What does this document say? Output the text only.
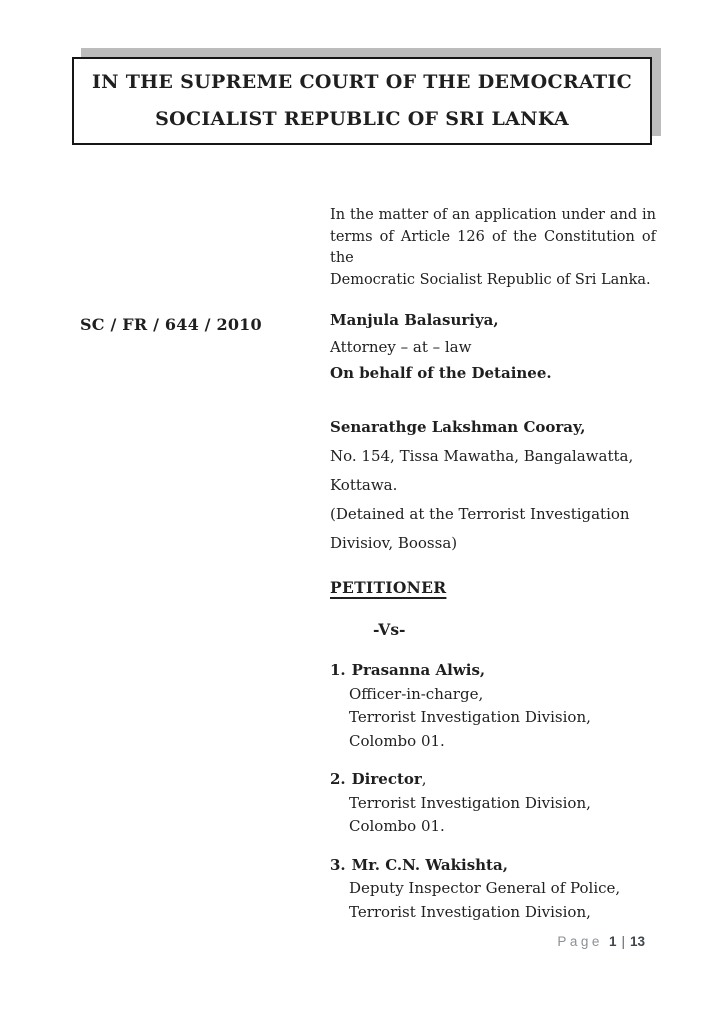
IN THE SUPREME COURT OF THE DEMOCRATIC
SOCIALIST REPUBLIC OF SRI LANKA
In the matter of an application under and in
terms of Article 126 of the Constitution of the
Democratic Socialist Republic of Sri Lanka.
SC / FR / 644 / 2010	Manjula Balasuriya,
Attorney – at – law
On behalf of the Detainee.
Senarathge Lakshman Cooray,
No. 154, Tissa Mawatha, Bangalawatta,
Kottawa.
(Detained at the Terrorist Investigation
Divisiov, Boossa)
PETITIONER
-Vs-
1. Prasanna Alwis,
Officer-in-charge,
Terrorist Investigation Division,
Colombo 01.
2. Director,
Terrorist Investigation Division,
Colombo 01.
3. Mr. C.N. Wakishta,
Deputy Inspector General of Police,
Terrorist Investigation Division,
Page 1 | 13
